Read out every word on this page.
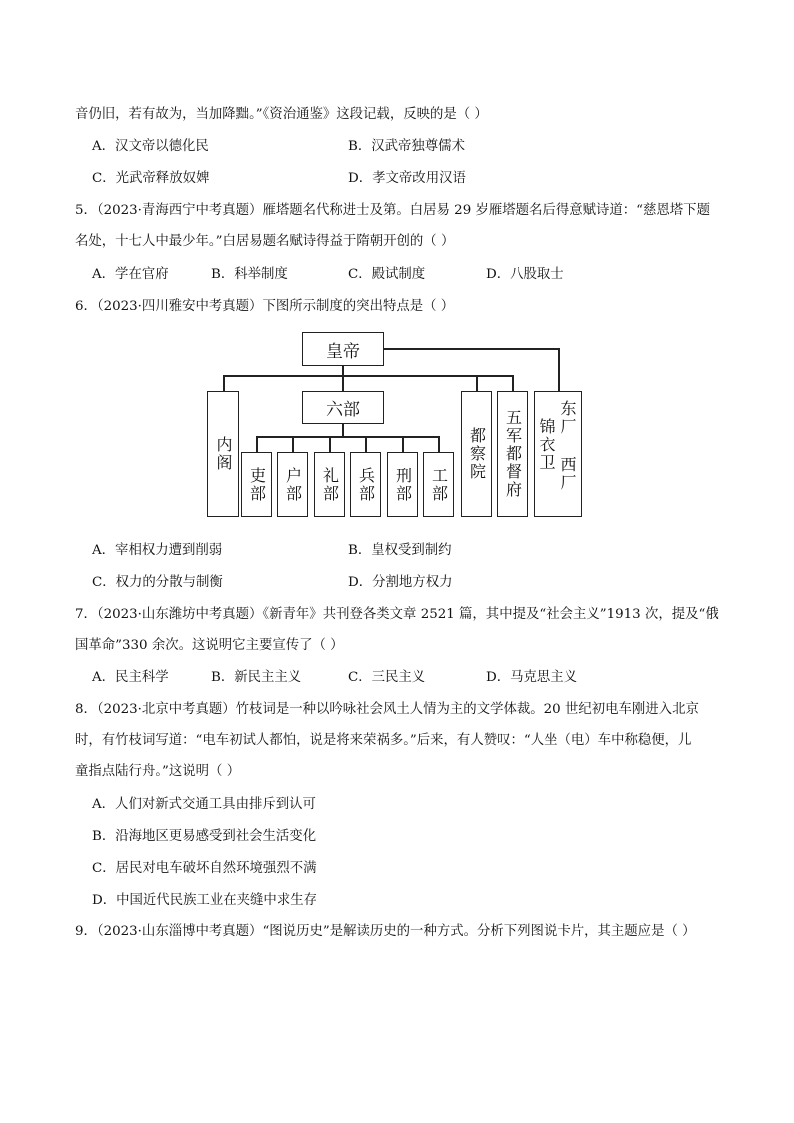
音仍旧，若有故为，当加降黜。”《资治通鉴》这段记载，反映的是（ ）
A．汉文帝以德化民	B．汉武帝独尊儒术
C．光武帝释放奴婢	D．孝文帝改用汉语
5．（2023·青海西宁中考真题）雁塔题名代称进士及第。白居易 29 岁雁塔题名后得意赋诗道：“慈恩塔下题
名处，十七人中最少年。”白居易题名赋诗得益于隋朝开创的（ ）
A．学在官府	B．科举制度	C．殿试制度	D．八股取士
6．（2023·四川雅安中考真题）下图所示制度的突出特点是（ ）
皇帝
六部
内阁
吏部 户部 礼部 兵部 刑部 工部
都察院 五军都督府 锦衣卫 东厂
西厂
A．宰相权力遭到削弱	B．皇权受到制约
C．权力的分散与制衡	D．分割地方权力
7．（2023·山东潍坊中考真题）《新青年》共刊登各类文章 2521 篇，其中提及“社会主义”1913 次，提及“俄
国革命”330 余次。这说明它主要宣传了（ ）
A．民主科学	B．新民主主义	C．三民主义	D．马克思主义
8．（2023·北京中考真题）竹枝词是一种以吟咏社会风土人情为主的文学体裁。20 世纪初电车刚进入北京
时，有竹枝词写道：“电车初试人都怕，说是将来荣祸多。”后来，有人赞叹：“人坐（电）车中称稳便，儿
童指点陆行舟。”这说明（ ）
A．人们对新式交通工具由排斥到认可
B．沿海地区更易感受到社会生活变化
C．居民对电车破坏自然环境强烈不满
D．中国近代民族工业在夹缝中求生存
9．（2023·山东淄博中考真题）“图说历史”是解读历史的一种方式。分析下列图说卡片，其主题应是（ ）
